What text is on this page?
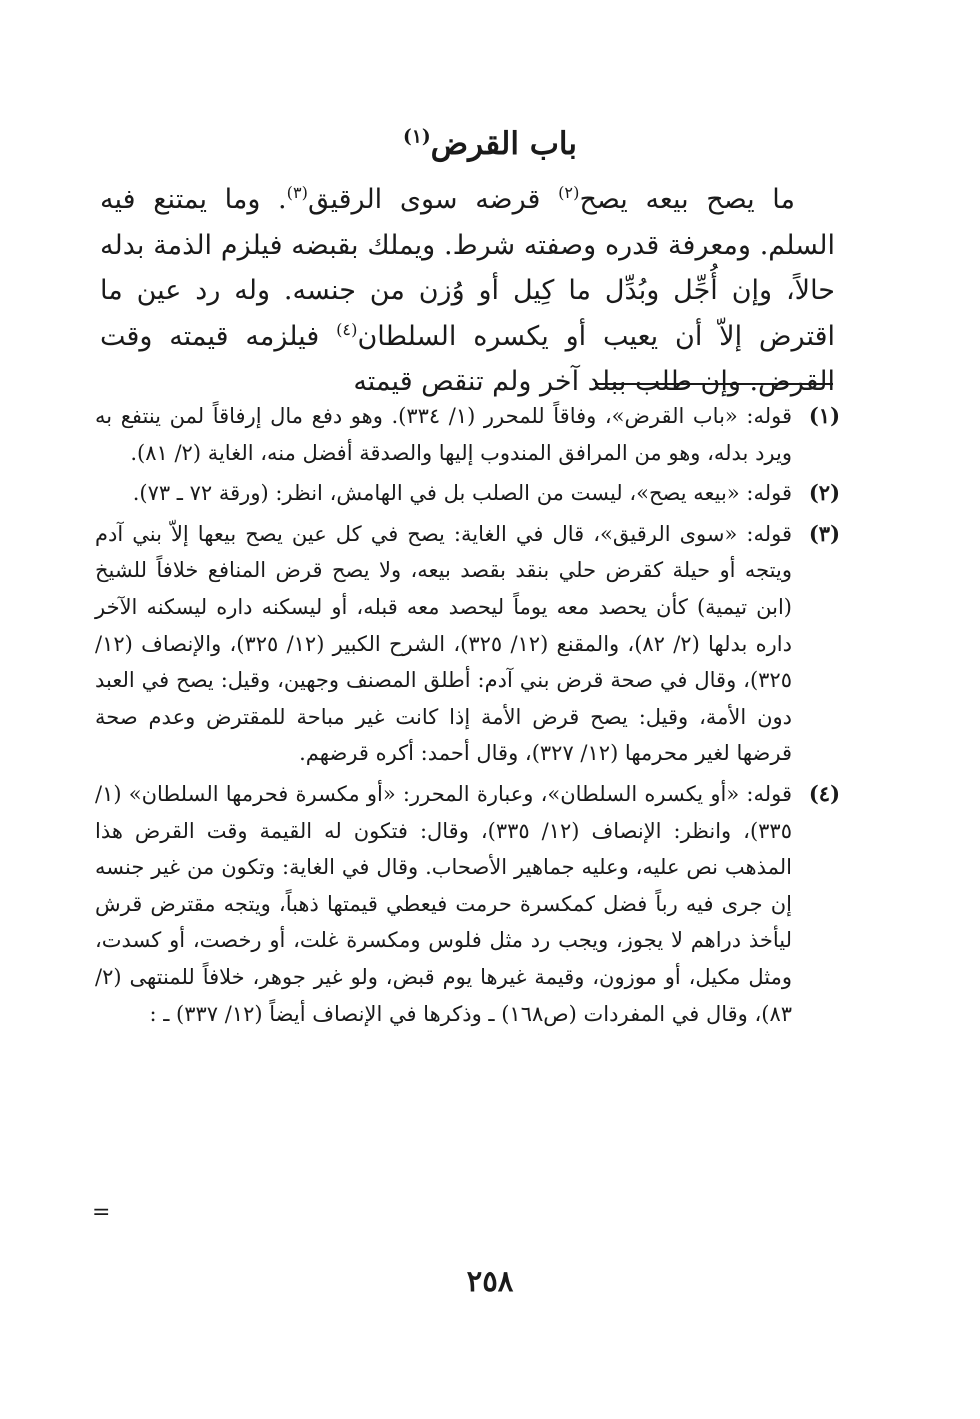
باب القرض$^{(١)}$

ما يصح بيعه يصح$^{(٢)}$ قرضه سوى الرقيق$^{(٣)}$. وما يمتنع فيه السلم. ومعرفة قدره وصفته شرط. ويملك بقبضه فيلزم الذمة بدله حالاً، وإن أُجِّل وبُدِّل ما كِيل أو وُزن من جنسه. وله رد عين ما اقترض إلاّ أن يعيب أو يكسره السلطان$^{(٤)}$ فيلزمه قيمته وقت القرض. وإن طلب ببلد آخر ولم تنقص قيمته

(١)
قوله: «باب القرض»، وفاقاً للمحرر (١/ ٣٣٤). وهو دفع مال إرفاقاً لمن ينتفع به ويرد بدله، وهو من المرافق المندوب إليها والصدقة أفضل منه، الغاية (٢/ ٨١).
(٢)
قوله: «بيعه يصح»، ليست من الصلب بل في الهامش، انظر: (ورقة ٧٢ ـ ٧٣).
(٣)
قوله: «سوى الرقيق»، قال في الغاية: يصح في كل عين يصح بيعها إلاّ بني آدم ويتجه أو حيلة كقرض حلي بنقد بقصد بيعه، ولا يصح قرض المنافع خلافاً للشيخ (ابن تيمية) كأن يحصد معه يوماً ليحصد معه قبله، أو ليسكنه داره ليسكنه الآخر داره بدلها (٢/ ٨٢)، والمقنع (١٢/ ٣٢٥)، الشرح الكبير (١٢/ ٣٢٥)، والإنصاف (١٢/ ٣٢٥)، وقال في صحة قرض بني آدم: أطلق المصنف وجهين، وقيل: يصح في العبد دون الأمة، وقيل: يصح قرض الأمة إذا كانت غير مباحة للمقترض وعدم صحة قرضها لغير محرمها (١٢/ ٣٢٧)، وقال أحمد: أكره قرضهم.
(٤)
قوله: «أو يكسره السلطان»، وعبارة المحرر: «أو مكسرة فحرمها السلطان» (١/ ٣٣٥)، وانظر: الإنصاف (١٢/ ٣٣٥)، وقال: فتكون له القيمة وقت القرض هذا المذهب نص عليه، وعليه جماهير الأصحاب. وقال في الغاية: وتكون من غير جنسه إن جرى فيه رباً فضل كمكسرة حرمت فيعطي قيمتها ذهباً، ويتجه مقترض قرش ليأخذ دراهم لا يجوز، ويجب رد مثل فلوس ومكسرة غلت، أو رخصت، أو كسدت، ومثل مكيل، أو موزون، وقيمة غيرها يوم قبض، ولو غير جوهر، خلافاً للمنتهى (٢/ ٨٣)، وقال في المفردات (ص١٦٨) ـ وذكرها في الإنصاف أيضاً (١٢/ ٣٣٧) ـ :
=
٢٥٨
